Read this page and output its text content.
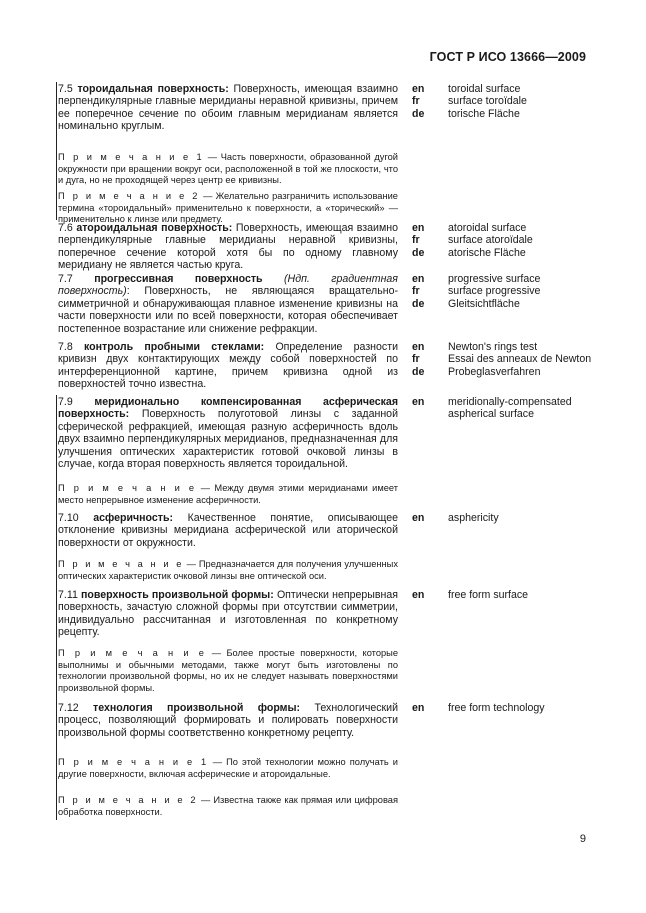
ГОСТ Р ИСО 13666—2009
7.5 тороидальная поверхность: Поверхность, имеющая взаимно перпендикулярные главные меридианы неравной кривизны, причем ее поперечное сечение по обоим главным меридианам является номинально круглым.
en	toroidal surface
fr	surface toroïdale
de	torische Fläche
П р и м е ч а н и е 1 — Часть поверхности, образованной дугой окружности при вращении вокруг оси, расположенной в той же плоскости, что и дуга, но не проходящей через центр ее кривизны.
П р и м е ч а н и е 2 — Желательно разграничить использование термина «тороидальный» применительно к поверхности, а «торический» — применительно к линзе или предмету.
7.6 атороидальная поверхность: Поверхность, имеющая взаимно перпендикулярные главные меридианы неравной кривизны, поперечное сечение которой хотя бы по одному главному меридиану не является частью круга.
en	atoroidal surface
fr	surface atoroïdale
de	atorische Fläche
7.7 прогрессивная поверхность (Ндп. градиентная поверхность): Поверхность, не являющаяся вращательно-симметричной и обнаруживающая плавное изменение кривизны на части поверхности или по всей поверхности, которая обеспечивает постепенное возрастание или снижение рефракции.
en	progressive surface
fr	surface progressive
de	Gleitsichtfläche
7.8 контроль пробными стеклами: Определение разности кривизн двух контактирующих между собой поверхностей по интерференционной картине, причем кривизна одной из поверхностей точно известна.
en	Newton's rings test
fr	Essai des anneaux de Newton
de	Probeglasverfahren
7.9 меридионально компенсированная асферическая поверхность: Поверхность полуготовой линзы с заданной сферической рефракцией, имеющая разную асферичность вдоль двух взаимно перпендикулярных меридианов, предназначенная для улучшения оптических характеристик готовой очковой линзы в случае, когда вторая поверхность является тороидальной.
en	meridionally-compensated
aspherical surface
П р и м е ч а н и е — Между двумя этими меридианами имеет место непрерывное изменение асферичности.
7.10 асферичность: Качественное понятие, описывающее отклонение кривизны меридиана асферической или аторической поверхности от окружности.
en	asphericity
П р и м е ч а н и е — Предназначается для получения улучшенных оптических характеристик очковой линзы вне оптической оси.
7.11 поверхность произвольной формы: Оптически непрерывная поверхность, зачастую сложной формы при отсутствии симметрии, индивидуально рассчитанная и изготовленная по конкретному рецепту.
en	free form surface
П р и м е ч а н и е — Более простые поверхности, которые выполнимы и обычными методами, также могут быть изготовлены по технологии произвольной формы, но их не следует называть поверхностями произвольной формы.
7.12 технология произвольной формы: Технологический процесс, позволяющий формировать и полировать поверхности произвольной формы соответственно конкретному рецепту.
en	free form technology
П р и м е ч а н и е 1 — По этой технологии можно получать и другие поверхности, включая асферические и атороидальные.
П р и м е ч а н и е 2 — Известна также как прямая или цифровая обработка поверхности.
9
